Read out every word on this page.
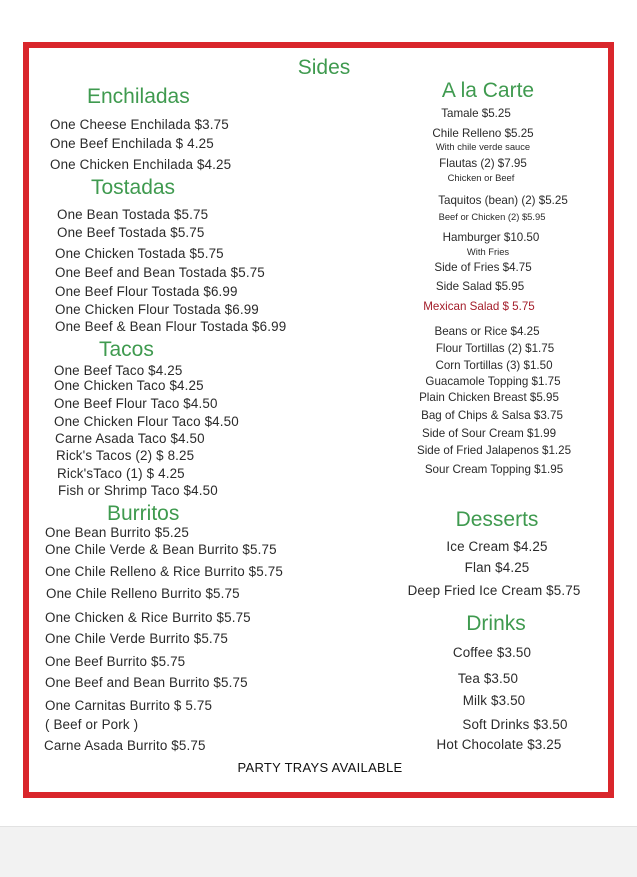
Sides
Enchiladas
One Cheese Enchilada $3.75
One Beef Enchilada $ 4.25
One Chicken Enchilada $4.25
Tostadas
One Bean Tostada $5.75
One Beef Tostada $5.75
One Chicken Tostada $5.75
One Beef and Bean Tostada $5.75
One Beef Flour Tostada $6.99
One Chicken Flour Tostada $6.99
One Beef & Bean Flour Tostada $6.99
Tacos
One Beef Taco $4.25
One Chicken Taco $4.25
One Beef Flour Taco $4.50
One Chicken Flour Taco $4.50
Carne Asada Taco $4.50
Rick's Tacos (2) $ 8.25
Rick'sTaco (1) $ 4.25
Fish or Shrimp Taco $4.50
Burritos
One Bean Burrito $5.25
One Chile Verde & Bean Burrito $5.75
One Chile Relleno & Rice Burrito $5.75
One Chile Relleno Burrito $5.75
One Chicken & Rice Burrito $5.75
One Chile Verde Burrito $5.75
One Beef Burrito $5.75
One Beef and Bean Burrito $5.75
One Carnitas Burrito $ 5.75
( Beef or Pork )
Carne Asada Burrito $5.75
A la Carte
Tamale $5.25
Chile Relleno $5.25
With chile verde sauce
Flautas (2) $7.95
Chicken or Beef
Taquitos (bean) (2) $5.25
Beef or Chicken (2) $5.95
Hamburger $10.50
With Fries
Side of Fries $4.75
Side Salad $5.95
Mexican Salad $ 5.75
Beans or Rice $4.25
Flour Tortillas (2) $1.75
Corn Tortillas (3) $1.50
Guacamole Topping $1.75
Plain Chicken Breast $5.95
Bag of Chips & Salsa $3.75
Side of Sour Cream $1.99
Side of Fried Jalapenos $1.25
Sour Cream Topping $1.95
Desserts
Ice Cream $4.25
Flan $4.25
Deep Fried Ice Cream $5.75
Drinks
Coffee $3.50
Tea $3.50
Milk $3.50
Soft Drinks $3.50
Hot Chocolate $3.25
PARTY TRAYS AVAILABLE
